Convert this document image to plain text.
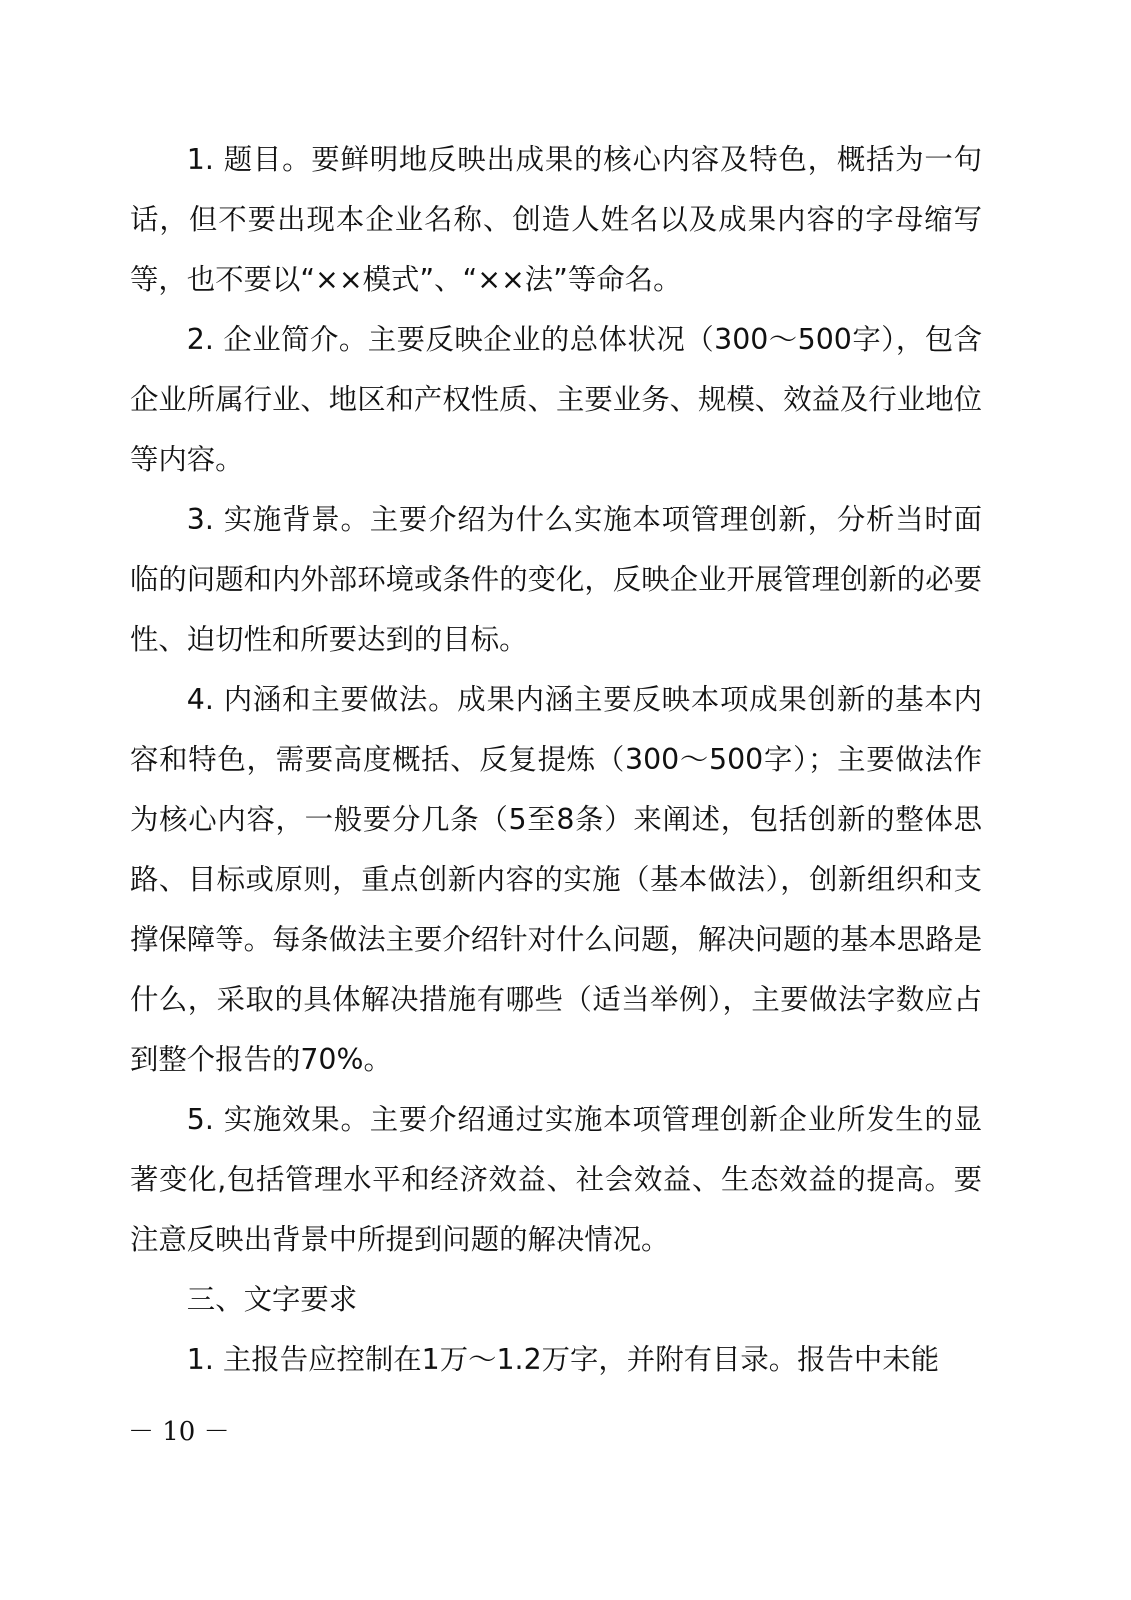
1. 题目。要鲜明地反映出成果的核心内容及特色，概括为一句话，但不要出现本企业名称、创造人姓名以及成果内容的字母缩写等，也不要以“××模式”、“××法”等命名。

2. 企业简介。主要反映企业的总体状况（300～500字），包含企业所属行业、地区和产权性质、主要业务、规模、效益及行业地位等内容。

3. 实施背景。主要介绍为什么实施本项管理创新，分析当时面临的问题和内外部环境或条件的变化，反映企业开展管理创新的必要性、迫切性和所要达到的目标。

4. 内涵和主要做法。成果内涵主要反映本项成果创新的基本内容和特色，需要高度概括、反复提炼（300～500字）；主要做法作为核心内容，一般要分几条（5至8条）来阐述，包括创新的整体思路、目标或原则，重点创新内容的实施（基本做法），创新组织和支撑保障等。每条做法主要介绍针对什么问题，解决问题的基本思路是什么，采取的具体解决措施有哪些（适当举例），主要做法字数应占到整个报告的70%。

5. 实施效果。主要介绍通过实施本项管理创新企业所发生的显著变化,包括管理水平和经济效益、社会效益、生态效益的提高。要注意反映出背景中所提到问题的解决情况。

三、文字要求

1. 主报告应控制在1万～1.2万字，并附有目录。报告中未能

－ 10 －
